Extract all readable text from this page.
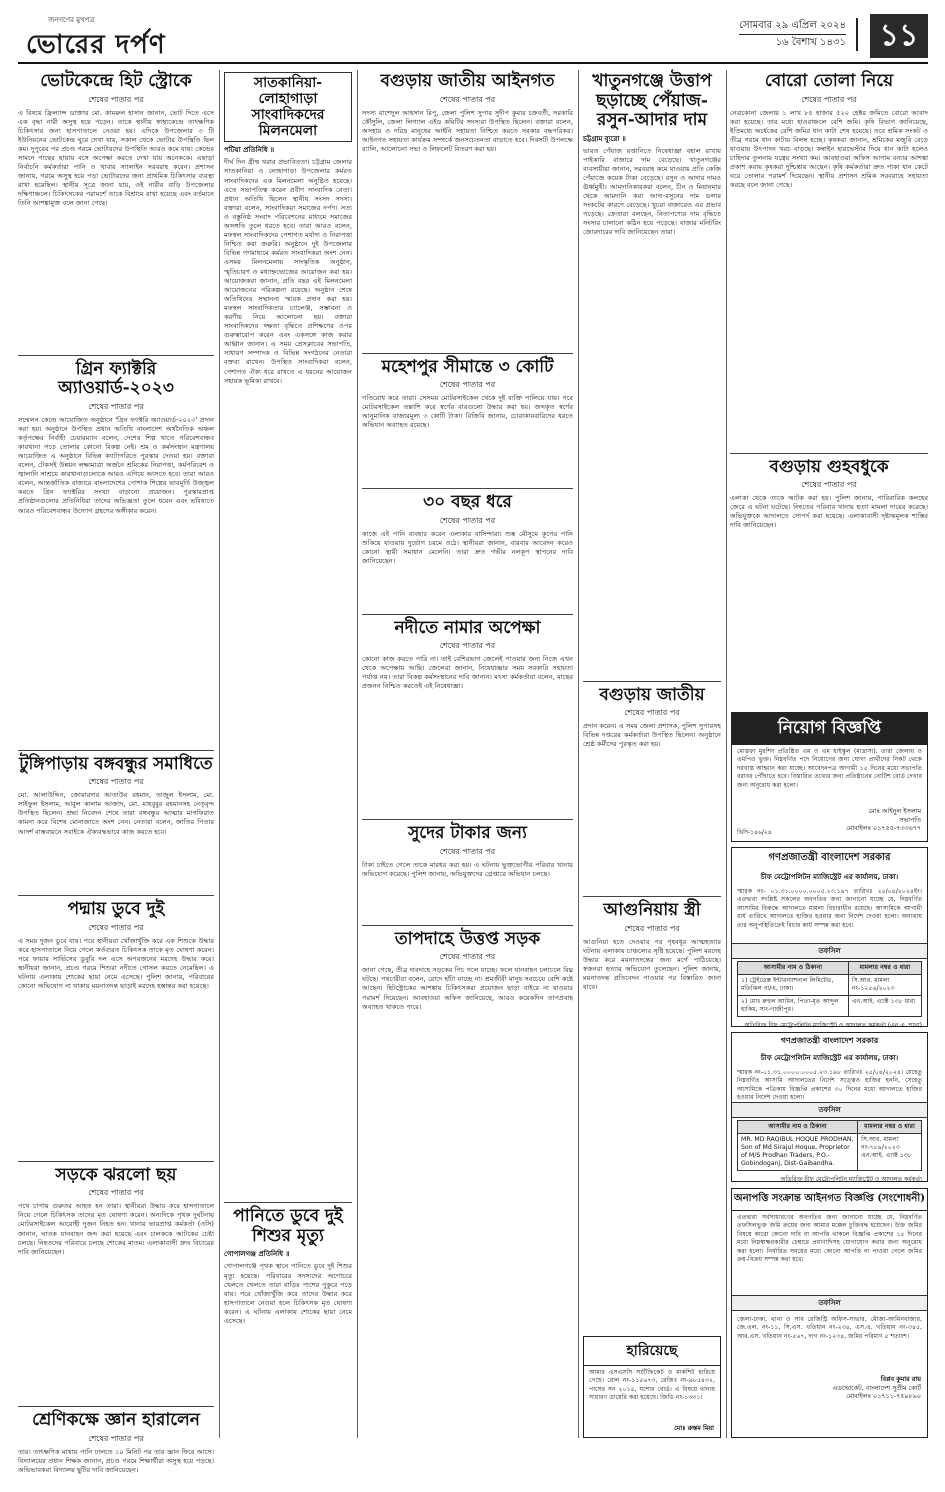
জনগণের মুখপত্র
ভোরের দর্পণ
সোমবার ২৯ এপ্রিল ২০২৪
১৬ বৈশাখ ১৪৩১	১১
ভোটকেন্দ্রে হিট স্ট্রোকে
শেষের পাতার পর
এ বিষয়ে ফ্রিল্যান্স ডাক্তার মো. কামরুল হাসান জানান, ভোট দিতে এসে এক বৃদ্ধা নারী অসুস্থ হয়ে পড়েন। তাকে স্থানীয় স্বাস্থ্যকেন্দ্রে তাৎক্ষণিক চিকিৎসার জন্য হাসপাতালে নেওয়া হয়। এদিকে উপজেলার ৩ টি ইউনিয়নের ভোটকেন্দ্র ঘুরে দেখা যায়, সকাল থেকে ভোটার উপস্থিতি ছিল কম। দুপুরের পর প্রচণ্ড গরমে ভোটারদের উপস্থিতি আরও কমে যায়। কেন্দ্রের সামনে গাছের ছায়ায় বসে অপেক্ষা করতে দেখা যায় অনেককে। এছাড়া নির্বাচনি কর্মকর্তারা পানি ও খাবার স্যালাইন সরবরাহ করেন। প্রশাসন জানায়, গরমে অসুস্থ হয়ে পড়া ভোটারদের জন্য প্রাথমিক চিকিৎসার ব্যবস্থা রাখা হয়েছিল। স্থানীয় সূত্রে জানা যায়, ওই নারীর বাড়ি উপজেলার দক্ষিণাঞ্চলে। চিকিৎসকের পরামর্শে তাকে বিশ্রামে রাখা হয়েছে এবং বর্তমানে তিনি আশঙ্কামুক্ত বলে জানা গেছে।
গ্রিন ফ্যাক্টরি অ্যাওয়ার্ড-২০২৩
শেষের পাতার পর
সম্মেলন কেন্দ্রে আয়োজিত অনুষ্ঠানে 'গ্রিন ফ্যাক্টরি অ্যাওয়ার্ড-২০২৩' প্রদান করা হয়। অনুষ্ঠানে উপস্থিত প্রধান অতিথি বাংলাদেশ অর্থনৈতিক অঞ্চল কর্তৃপক্ষের নির্বাহী চেয়ারম্যান বলেন, দেশের শিল্প খাতে পরিবেশবান্ধব কারখানা গড়ে তোলার কোনো বিকল্প নেই। শ্রম ও কর্মসংস্থান মন্ত্রণালয় আয়োজিত এ অনুষ্ঠানে বিভিন্ন ক্যাটাগরিতে পুরস্কার দেওয়া হয়। বক্তারা বলেন, টেকসই উন্নয়ন লক্ষ্যমাত্রা অর্জনে শ্রমিকের নিরাপত্তা, কর্মপরিবেশ ও জ্বালানি সাশ্রয়ে কারখানাগুলোকে আরও এগিয়ে আসতে হবে। তারা আরও বলেন, আন্তর্জাতিক বাজারে বাংলাদেশের পোশাক শিল্পের ভাবমূর্তি উজ্জ্বল করতে গ্রিন ফ্যাক্টরির সংখ্যা বাড়ানো প্রয়োজন। পুরস্কারপ্রাপ্ত প্রতিষ্ঠানগুলোর প্রতিনিধিরা তাদের অভিজ্ঞতা তুলে ধরেন এবং ভবিষ্যতে আরও পরিবেশবান্ধব উদ্যোগ গ্রহণের অঙ্গীকার করেন।
টুঙ্গিপাড়ায় বঙ্গবন্ধুর সমাধিতে
শেষের পাতার পর
মো. আলাউদ্দিন, জোয়ারদার আতাউর রহমান, তাজুল ইসলাম, মো. সাইফুল ইসলাম, আবুল কালাম আজাদ, মো. মাহবুবুর রহমানসহ নেতৃবৃন্দ উপস্থিত ছিলেন। শ্রদ্ধা নিবেদন শেষে তারা বঙ্গবন্ধুর আত্মার মাগফিরাত কামনা করে বিশেষ মোনাজাতে অংশ নেন। নেতারা বলেন, জাতির পিতার আদর্শ বাস্তবায়নে সবাইকে ঐক্যবদ্ধভাবে কাজ করতে হবে।
পদ্মায় ডুবে দুই
শেষের পাতার পর
এ সময় দুজন ডুবে যায়। পরে স্থানীয়রা খোঁজাখুঁজি করে এক শিশুকে উদ্ধার করে হাসপাতালে নিয়ে গেলে কর্তব্যরত চিকিৎসক তাকে মৃত ঘোষণা করেন। পরে ফায়ার সার্ভিসের ডুবুরি দল এসে অপরজনের মরদেহ উদ্ধার করে। স্থানীয়রা জানান, প্রচণ্ড গরমে শিশুরা নদীতে গোসল করতে নেমেছিল। এ ঘটনায় এলাকায় শোকের ছায়া নেমে এসেছে। পুলিশ জানায়, পরিবারের কোনো অভিযোগ না থাকায় ময়নাতদন্ত ছাড়াই মরদেহ হস্তান্তর করা হয়েছে।
সড়কে ঝরলো ছয়
শেষের পাতার পর
পথে চাপায় গুরুতর আহত হন তারা। স্থানীয়রা উদ্ধার করে হাসপাতালে নিয়ে গেলে চিকিৎসক তাদের মৃত ঘোষণা করেন। অন্যদিকে পৃথক দুর্ঘটনায় মোটরসাইকেল আরোহী দুজন নিহত হন। থানার ভারপ্রাপ্ত কর্মকর্তা (ওসি) জানান, ঘাতক যানবাহন জব্দ করা হয়েছে এবং চালককে আটকের চেষ্টা চলছে। নিহতদের পরিবারে চলছে শোকের মাতম। এলাকাবাসী দ্রুত বিচারের দাবি জানিয়েছেন।
শ্রেণিকক্ষে জ্ঞান হারালেন
শেষের পাতার পর
তার। তাৎক্ষণিক মাথায় পানি ঢালতে ১০ মিনিট পর তার জ্ঞান ফিরে আসে। বিদ্যালয়ের প্রধান শিক্ষক জানান, প্রচণ্ড গরমে শিক্ষার্থীরা অসুস্থ হয়ে পড়ছে। অভিভাবকরা বিদ্যালয় ছুটির দাবি জানিয়েছেন।
সাতকানিয়া-লোহাগাড়া সাংবাদিকদের মিলনমেলা
পটিয়া প্রতিনিধি ॥
দীর্ঘ দিন গ্রীষ্ম খরার প্রভাবিততা। চট্টগ্রাম জেলার সাতকানিয়া ও লোহাগাড়া উপজেলার কর্মরত সাংবাদিকদের এক মিলনমেলা অনুষ্ঠিত হয়েছে। এতে সভাপতিত্ব করেন প্রবীণ সাংবাদিক নেতা। প্রধান অতিথি ছিলেন স্থানীয় সংসদ সদস্য। বক্তারা বলেন, সাংবাদিকরা সমাজের দর্পণ। সত্য ও বস্তুনিষ্ঠ সংবাদ পরিবেশনের মাধ্যমে সমাজের অসঙ্গতি তুলে ধরতে হবে। তারা আরও বলেন, মফস্বল সাংবাদিকদের পেশাগত মর্যাদা ও নিরাপত্তা নিশ্চিত করা জরুরি। অনুষ্ঠানে দুই উপজেলার বিভিন্ন গণমাধ্যমে কর্মরত সাংবাদিকরা অংশ নেন। এসময় মিলনমেলায় সাংস্কৃতিক অনুষ্ঠান, স্মৃতিচারণ ও মধ্যাহ্নভোজের আয়োজন করা হয়। আয়োজকরা জানান, প্রতি বছর এই মিলনমেলা আয়োজনের পরিকল্পনা রয়েছে। অনুষ্ঠান শেষে অতিথিদের সম্মাননা স্মারক প্রদান করা হয়। মফস্বল সাংবাদিকতার চ্যালেঞ্জ, সম্ভাবনা ও করণীয় নিয়ে আলোচনা হয়। বক্তারা সাংবাদিকদের দক্ষতা বৃদ্ধিতে প্রশিক্ষণের ওপর গুরুত্বারোপ করেন এবং একসঙ্গে কাজ করার আহ্বান জানান। এ সময় প্রেসক্লাবের সভাপতি, সাধারণ সম্পাদক ও বিভিন্ন সংগঠনের নেতারা বক্তব্য রাখেন। উপস্থিত সাংবাদিকরা বলেন, পেশাগত ঐক্য ধরে রাখতে এ ধরনের আয়োজন সহায়ক ভূমিকা রাখবে।
পানিতে ডুবে দুই শিশুর মৃত্যু
গোপালগঞ্জ প্রতিনিধি ॥
গোপালগঞ্জে পৃথক স্থানে পানিতে ডুবে দুই শিশুর মৃত্যু হয়েছে। পরিবারের সদস্যদের অগোচরে খেলতে খেলতে তারা বাড়ির পাশের পুকুরে পড়ে যায়। পরে খোঁজাখুঁজি করে তাদের উদ্ধার করে হাসপাতালে নেওয়া হলে চিকিৎসক মৃত ঘোষণা করেন। এ ঘটনায় এলাকায় শোকের ছায়া নেমে এসেছে।
বগুড়ায় জাতীয় আইনগত
শেষের পাতার পর
সদস্য রাশেদুল আহসান রিপু, জেলা পুলিশ সুপার সুদীপ কুমার চক্রবর্তী, সরকারি কৌঁসুলি, জেলা লিগ্যাল এইড কমিটির সদস্যরা উপস্থিত ছিলেন। বক্তারা বলেন, অসহায় ও দরিদ্র মানুষের আইনি সহায়তা নিশ্চিত করতে সরকার বদ্ধপরিকর। আইনগত সহায়তা কার্যক্রম সম্পর্কে জনসচেতনতা বাড়াতে হবে। দিবসটি উপলক্ষে র‍্যালি, আলোচনা সভা ও লিফলেট বিতরণ করা হয়।
মহেশপুর সীমান্তে ৩ কোটি
শেষের পাতার পর
গতিরোধ করে তারা। সেসময় মোটরসাইকেল থেকে দুই ব্যক্তি পালিয়ে যায়। পরে মোটরসাইকেল তল্লাশি করে স্বর্ণের বারগুলো উদ্ধার করা হয়। জব্দকৃত স্বর্ণের আনুমানিক বাজারমূল্য ৩ কোটি টাকা। বিজিবি জানায়, চোরাকারবারিদের ধরতে অভিযান অব্যাহত রয়েছে।
৩০ বছর ধরে
শেষের পাতার পর
কাজে এই পানি ব্যবহার করেন এলাকার বাসিন্দারা। শুষ্ক মৌসুমে কূপের পানি শুকিয়ে যাওয়ায় দুর্ভোগ চরমে ওঠে। স্থানীয়রা জানান, বারবার আবেদন করেও কোনো স্থায়ী সমাধান মেলেনি। তারা দ্রুত গভীর নলকূপ স্থাপনের দাবি জানিয়েছেন।
নদীতে নামার অপেক্ষা
শেষের পাতার পর
কোনো কাজ করতে পারি না। তাই বেশিরভাগ জেলেই পাওয়ার জন্য নিজে এখন থেকে অপেক্ষায় আছি। জেলেরা জানান, নিষেধাজ্ঞার সময় সরকারি সহায়তা পর্যাপ্ত নয়। তারা বিকল্প কর্মসংস্থানের দাবি জানান। মৎস্য কর্মকর্তারা বলেন, মাছের প্রজনন নিশ্চিত করতেই এই নিষেধাজ্ঞা।
সুদের টাকার জন্য
শেষের পাতার পর
টাকা চাইতে গেলে তাকে মারধর করা হয়। এ ঘটনায় ভুক্তভোগীর পরিবার থানায় অভিযোগ করেছে। পুলিশ জানায়, অভিযুক্তদের গ্রেপ্তারে অভিযান চলছে।
তাপদাহে উত্তপ্ত সড়ক
শেষের পাতার পর
জানা গেছে, তীব্র দাবদাহে সড়কের পিচ গলে যাচ্ছে। ফলে যানবাহন চলাচলে বিঘ্ন ঘটছে। পথচারীরা বলেন, রোদে হাঁটা যাচ্ছে না। শ্রমজীবী মানুষ সবচেয়ে বেশি কষ্টে আছেন। হিটস্ট্রোকের আশঙ্কায় চিকিৎসকরা প্রয়োজন ছাড়া বাইরে না যাওয়ার পরামর্শ দিয়েছেন। আবহাওয়া অফিস জানিয়েছে, আরও কয়েকদিন তাপপ্রবাহ অব্যাহত থাকতে পারে।
খাতুনগঞ্জে উত্তাপ ছড়াচ্ছে পেঁয়াজ-রসুন-আদার দাম
চট্টগ্রাম ব্যুরো ॥
ভারত পেঁয়াজ রপ্তানিতে নিষেধাজ্ঞা বহাল রাখায় পাইকারি বাজারে দাম বেড়েছে। খাতুনগঞ্জের ব্যবসায়ীরা জানান, সরবরাহ কমে যাওয়ায় প্রতি কেজি পেঁয়াজে কয়েক টাকা বেড়েছে। রসুন ও আদার দামও ঊর্ধ্বমুখী। আমদানিকারকরা বলেন, চীন ও মিয়ানমার থেকে আমদানি করা আদা-রসুনের দাম ডলার সংকটের কারণে বেড়েছে। খুচরা বাজারেও এর প্রভাব পড়েছে। ক্রেতারা বলছেন, নিত্যপণ্যের দাম বৃদ্ধিতে সংসার চালানো কঠিন হয়ে পড়েছে। বাজার মনিটরিং জোরদারের দাবি জানিয়েছেন তারা।
বগুড়ায় জাতীয়
শেষের পাতার পর
প্রদান করেন। এ সময় জেলা প্রশাসক, পুলিশ সুপারসহ বিভিন্ন দপ্তরের কর্মকর্তারা উপস্থিত ছিলেন। অনুষ্ঠানে শ্রেষ্ঠ কর্মীদের পুরস্কৃত করা হয়।
আগুনিয়ায় স্ত্রী
শেষের পাতার পর
আগুনিয়া হতে দেওয়ার পর গৃহবধূর আত্মহত্যার ঘটনায় এলাকায় চাঞ্চল্যের সৃষ্টি হয়েছে। পুলিশ মরদেহ উদ্ধার করে ময়নাতদন্তের জন্য মর্গে পাঠিয়েছে। স্বজনরা হত্যার অভিযোগ তুলেছেন। পুলিশ জানায়, ময়নাতদন্ত প্রতিবেদন পাওয়ার পর বিস্তারিত জানা যাবে।
বোরো তোলা নিয়ে
শেষের পাতার পর
নেত্রকোনা জেলায় ১ লাখ ৮৫ হাজার ৫২০ হেক্টর জমিতে বোরো আবাদ করা হয়েছে। তার মধ্যে হাওরাঞ্চলে বেশি জমি। কৃষি বিভাগ জানিয়েছে, ইতিমধ্যে অর্ধেকের বেশি জমির ধান কাটা শেষ হয়েছে। তবে শ্রমিক সংকট ও তীব্র গরমে ধান কাটায় বিলম্ব হচ্ছে। কৃষকরা জানান, শ্রমিকের মজুরি বেড়ে যাওয়ায় উৎপাদন খরচ বাড়ছে। কম্বাইন হারভেস্টার দিয়ে ধান কাটা হলেও চাহিদার তুলনায় যন্ত্রের সংখ্যা কম। আবহাওয়া অফিস আগাম বন্যার আশঙ্কা প্রকাশ করায় কৃষকরা দুশ্চিন্তায় আছেন। কৃষি কর্মকর্তারা দ্রুত পাকা ধান কেটে ঘরে তোলার পরামর্শ দিয়েছেন। স্থানীয় প্রশাসন শ্রমিক সরবরাহে সহায়তা করছে বলে জানা গেছে।
বগুড়ায় গুহবধুকে
শেষের পাতার পর
এলাকা থেকে তাকে আটক করা হয়। পুলিশ জানায়, পারিবারিক কলহের জেরে এ ঘটনা ঘটেছে। নিহতের পরিবার থানায় হত্যা মামলা দায়ের করেছে। অভিযুক্তকে আদালতে সোপর্দ করা হয়েছে। এলাকাবাসী দৃষ্টান্তমূলক শাস্তির দাবি জানিয়েছেন।
নিয়োগ বিজ্ঞপ্তি
মোস্তফা মুরশিদ প্রতিষ্ঠিত এম ও এম হাইস্কুল (মাদ্রাসা), তারা জেলায় ও এমপিও ভুক্ত। নিম্নবর্ণিত পদে নিয়োগের জন্য যোগ্য প্রার্থীদের নিকট থেকে দরখাস্ত আহ্বান করা যাচ্ছে। আবেদনপত্র আগামী ১৫ দিনের মধ্যে সভাপতি বরাবর পৌঁছাতে হবে। বিস্তারিত তথ্যের জন্য প্রতিষ্ঠানের নোটিশ বোর্ড দেখার জন্য অনুরোধ করা হলো।
মোঃ আইনুল ইসলাম
সভাপতি
মোবাইলঃ ০১৭৫৫-৭৩৩৬৭৭
ভিদি-১৪৬/২৪
গণপ্রজাতন্ত্রী বাংলাদেশ সরকার
চীফ মেট্রোপলিটন ম্যাজিস্ট্রেট এর কার্যালয়, ঢাকা।
স্মারক নং- ০১.৩১.০০০০.০০০৫.২৩.১৯৭ তারিখঃ ২৫/০৪/২০২৪ইং। এতদ্বারা সংশ্লিষ্ট সকলের অবগতির জন্য জানানো যাচ্ছে যে, নিম্নবর্ণিত আসামির বিরুদ্ধে আদালতে মামলা বিচারাধীন রয়েছে। আসামিকে আগামী ধার্য তারিখে আদালতে হাজির হওয়ার জন্য নির্দেশ দেওয়া হলো। অন্যথায় তার অনুপস্থিতিতেই বিচার কার্য সম্পন্ন করা হবে।
তফসিল
আসামীর নাম ও ঠিকানা	মামলার নম্বর ও ধারা
১) ট্রেইডেক্স ইন্টারন্যাশনাল লিমিটেড, মতিঝিল বা/এ, ঢাকা।	সি.আর. মামলা নং-১২৫৬/২০২৩
২) মোঃ রুহুল আমিন, পিতা-মৃত আব্দুল হাকিম, সাং-গাজীপুর।	এন.আই. এ্যাক্ট ১৩৮ ধারা
অতিরিক্ত চীফ মেট্রোপলিটন ম্যাজিস্ট্রেট ও আদালত কর্মকর্তা (এন.এ. শাখা)
গণপ্রজাতন্ত্রী বাংলাদেশ সরকার
চীফ মেট্রোপলিটন ম্যাজিস্ট্রেট এর কার্যালয়, ঢাকা।
স্মারক নং-০১.৩১.০০০০.০০০৫.২৩.১৯৮ তারিখঃ ২৫/০৪/২০২৪। যেহেতু নিম্নবর্ণিত আসামি আদালতের নির্দেশ সত্ত্বেও হাজির হননি, সেহেতু আসামিকে পত্রিকায় বিজ্ঞপ্তি প্রকাশের ৩০ দিনের মধ্যে আদালতে হাজির হওয়ার নির্দেশ দেওয়া হলো।
তফসিল
আসামীর নাম ও ঠিকানা	মামলার নম্বর ও ধারা
MR. MD RAQIBUL HOQUE PRODHAN, Son of Md Sirajul Hoque, Proprietor of M/S Prodhan Traders, P.O.-Gobindoganj, Dist-Gaibandha.	সি.আর. মামলা নং-৭৮৯/২০২৩ এন.আই. এ্যাক্ট ১৩৮
অতিরিক্ত চীফ মেট্রোপলিটন ম্যাজিস্ট্রেট ও আদালত কর্মকর্তা
হারিয়েছে
আমার এসএসসি সার্টিফিকেট ও মার্কশিট হারিয়ে গেছে। রোল নং-১১৫৬৭৩, রেজিঃ নং-৯৮৫৪৩২, পাসের সন ২০১৫, যশোর বোর্ড। এ বিষয়ে থানায় সাধারণ ডায়েরি করা হয়েছে। জিডি নং-১৩৩১।
মোঃ রুস্তম মিয়া
অনাপত্তি সংক্রান্ত আইনগত বিজ্ঞপ্তি (সংশোধনী)
এতদ্বারা সর্বসাধারণের অবগতির জন্য জানানো যাচ্ছে যে, নিম্নবর্ণিত তফসিলভুক্ত জমি ক্রয়ের জন্য আমার মক্কেল চুক্তিবদ্ধ হয়েছেন। উক্ত জমির বিষয়ে কারো কোনো দাবি বা আপত্তি থাকলে বিজ্ঞপ্তি প্রকাশের ১৫ দিনের মধ্যে নিম্নস্বাক্ষরকারীর চেম্বারে প্রমাণাদিসহ যোগাযোগ করার জন্য অনুরোধ করা হলো। নির্ধারিত সময়ের মধ্যে কোনো আপত্তি না পাওয়া গেলে জমির ক্রয়-বিক্রয় সম্পন্ন করা হবে।
তফসিল
জেলা-ঢাকা, থানা ও সাব রেজিস্ট্রি অফিস-সাভার, মৌজা-আমিনবাজার, জে.এল. নং-১১, সি.এস. খতিয়ান নং-২৩৪, এস.এ. খতিয়ান নং-৩৪৫, আর.এস. খতিয়ান নং-৫৬৭, দাগ নং-১২৩৪, জমির পরিমাণ ৫ শতাংশ।
বিপ্লব কুমার রায়
এডভোকেট, বাংলাদেশ সুপ্রীম কোর্ট
মোবাইলঃ ০১৭১১-৭৫৯৮৯০
